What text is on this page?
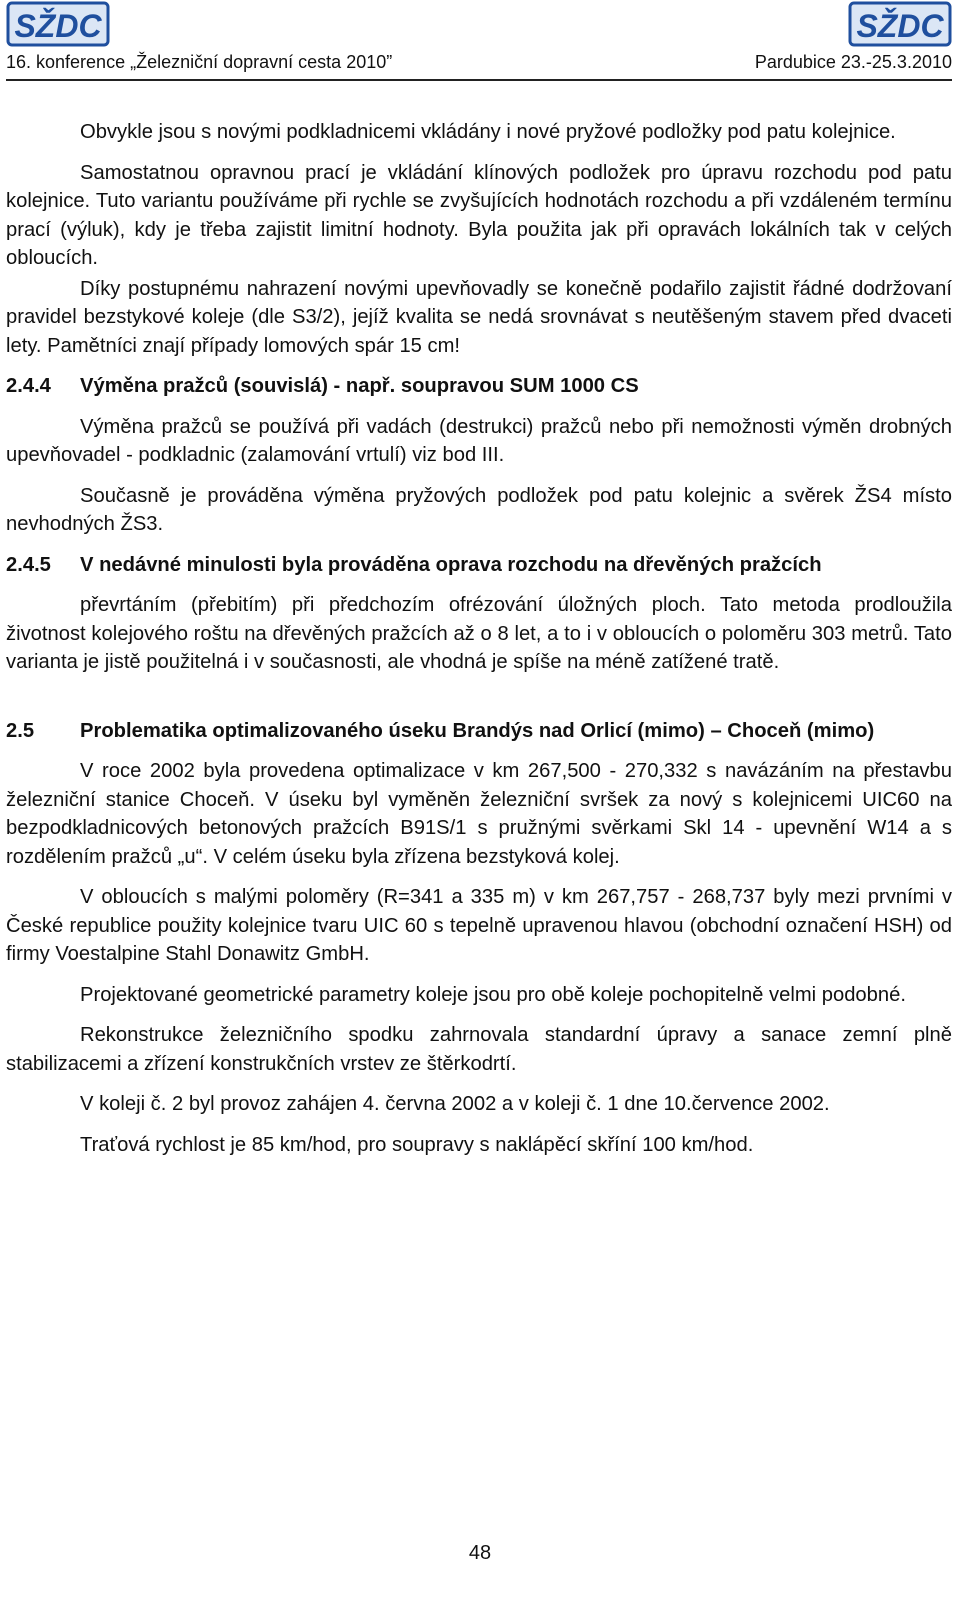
SŽDC	SŽDC
16. konference „Železniční dopravní cesta 2010”	Pardubice 23.-25.3.2010

Obvykle jsou s novými podkladnicemi vkládány i nové pryžové podložky pod patu kolejnice.

Samostatnou opravnou prací je vkládání klínových podložek pro úpravu rozchodu pod patu kolejnice. Tuto variantu používáme při rychle se zvyšujících hodnotách rozchodu a při vzdáleném termínu prací (výluk), kdy je třeba zajistit limitní hodnoty. Byla použita jak při opravách lokálních tak v celých obloucích.

Díky postupnému nahrazení novými upevňovadly se konečně podařilo zajistit řádné dodržovaní pravidel bezstykové koleje (dle S3/2), jejíž kvalita se nedá srovnávat s neutěšeným stavem před dvaceti lety. Pamětníci znají případy lomových spár 15 cm!

2.4.4	Výměna pražců (souvislá) - např. soupravou SUM 1000 CS

Výměna pražců se používá při vadách (destrukci) pražců nebo při nemožnosti výměn drobných upevňovadel - podkladnic (zalamování vrtulí) viz bod III.

Současně je prováděna výměna pryžových podložek pod patu kolejnic a svěrek ŽS4 místo nevhodných ŽS3.

2.4.5	V nedávné minulosti byla prováděna oprava rozchodu na dřevěných pražcích

převrtáním (přebitím) při předchozím ofrézování úložných ploch. Tato metoda prodloužila životnost kolejového roštu na dřevěných pražcích až o 8 let, a to i v obloucích o poloměru 303 metrů. Tato varianta je jistě použitelná i v současnosti, ale vhodná je spíše na méně zatížené tratě.

2.5	Problematika optimalizovaného úseku Brandýs nad Orlicí (mimo) – Choceň (mimo)

V roce 2002 byla provedena optimalizace v km 267,500 - 270,332 s navázáním na přestavbu železniční stanice Choceň. V úseku byl vyměněn železniční svršek za nový s kolejnicemi UIC60 na bezpodkladnicových betonových pražcích B91S/1 s pružnými svěrkami Skl 14 - upevnění W14 a s rozdělením pražců „u“. V celém úseku byla zřízena bezstyková kolej.

V obloucích s malými poloměry (R=341 a 335 m) v km 267,757 - 268,737 byly mezi prvními v České republice použity kolejnice tvaru UIC 60 s tepelně upravenou hlavou (obchodní označení HSH) od firmy Voestalpine Stahl Donawitz GmbH.

Projektované geometrické parametry koleje jsou pro obě koleje pochopitelně velmi podobné.

Rekonstrukce železničního spodku zahrnovala standardní úpravy a sanace zemní plně stabilizacemi a zřízení konstrukčních vrstev ze štěrkodrtí.

V koleji č. 2 byl provoz zahájen 4. června 2002 a v koleji č. 1 dne 10.července 2002.

Traťová rychlost je 85 km/hod, pro soupravy s naklápěcí skříní 100 km/hod.

48
